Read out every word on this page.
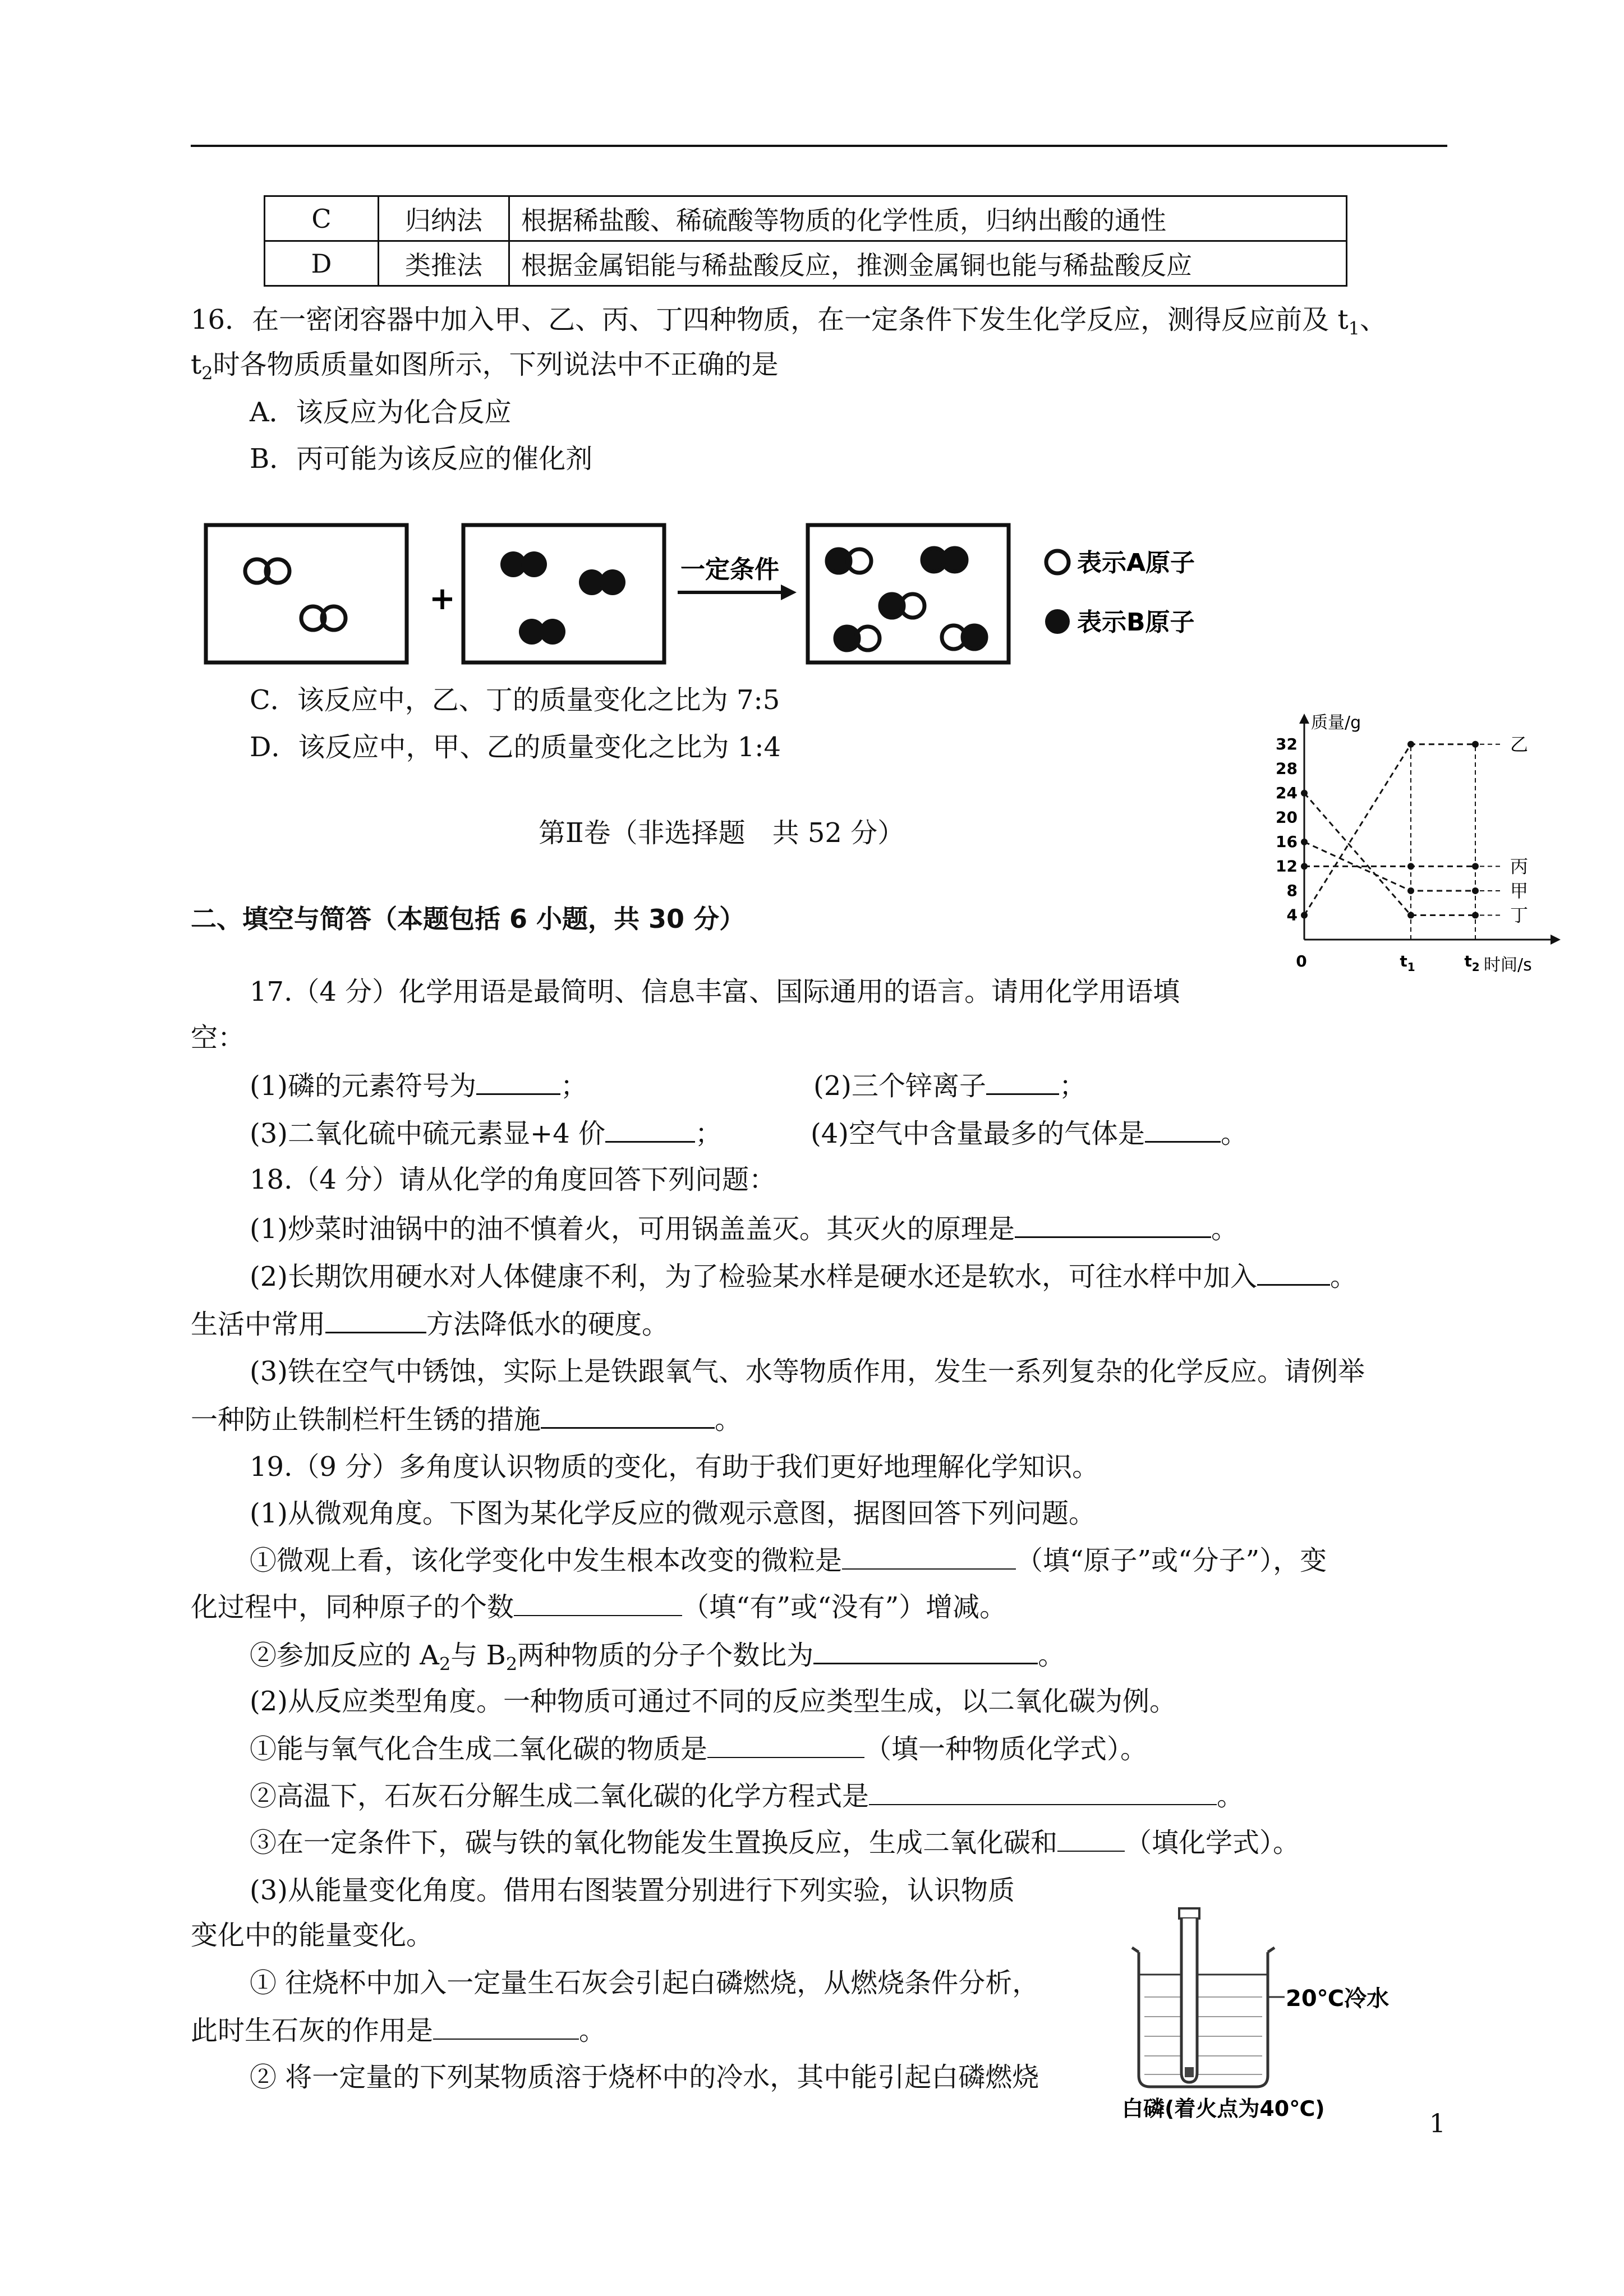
C	归纳法	根据稀盐酸、稀硫酸等物质的化学性质，归纳出酸的通性
D	类推法	根据金属铝能与稀盐酸反应，推测金属铜也能与稀盐酸反应
16．在一密闭容器中加入甲、乙、丙、丁四种物质，在一定条件下发生化学反应，测得反应前及 $t_1$、
$t_2$时各物质质量如图所示，下列说法中不正确的是
A．该反应为化合反应
B．丙可能为该反应的催化剂
+
一定条件	表示A原子
表示B原子
C．该反应中，乙、丁的质量变化之比为 7:5
D．该反应中，甲、乙的质量变化之比为 1:4
质量/g
时间/s
4
8
12
16
20
24
28
32
0	$t_1$	$t_2$
乙
丙
甲
丁
第Ⅱ卷（非选择题　共 52 分）
二、填空与简答（本题包括 6 小题，共 30 分）
17.（4 分）化学用语是最简明、信息丰富、国际通用的语言。请用化学用语填
空：
(1)磷的元素符号为	；	(2)三个锌离子	；
(3)二氧化硫中硫元素显+4 价	；	(4)空气中含量最多的气体是	。
18.（4 分）请从化学的角度回答下列问题：
(1)炒菜时油锅中的油不慎着火，可用锅盖盖灭。其灭火的原理是	。
(2)长期饮用硬水对人体健康不利，为了检验某水样是硬水还是软水，可往水样中加入	。
生活中常用	方法降低水的硬度。
(3)铁在空气中锈蚀，实际上是铁跟氧气、水等物质作用，发生一系列复杂的化学反应。请例举
一种防止铁制栏杆生锈的措施	。
19.（9 分）多角度认识物质的变化，有助于我们更好地理解化学知识。
(1)从微观角度。下图为某化学反应的微观示意图，据图回答下列问题。
①微观上看，该化学变化中发生根本改变的微粒是	（填“原子”或“分子”），变
化过程中，同种原子的个数	（填“有”或“没有”）增减。
②参加反应的 $A_2$与 $B_2$两种物质的分子个数比为	。
(2)从反应类型角度。一种物质可通过不同的反应类型生成，以二氧化碳为例。
①能与氧气化合生成二氧化碳的物质是	（填一种物质化学式）。
②高温下，石灰石分解生成二氧化碳的化学方程式是	。
③在一定条件下，碳与铁的氧化物能发生置换反应，生成二氧化碳和	（填化学式）。
(3)从能量变化角度。借用右图装置分别进行下列实验，认识物质
变化中的能量变化。
① 往烧杯中加入一定量生石灰会引起白磷燃烧，从燃烧条件分析，
此时生石灰的作用是	。
② 将一定量的下列某物质溶于烧杯中的冷水，其中能引起白磷燃烧
20℃冷水
白磷(着火点为40℃)	1
